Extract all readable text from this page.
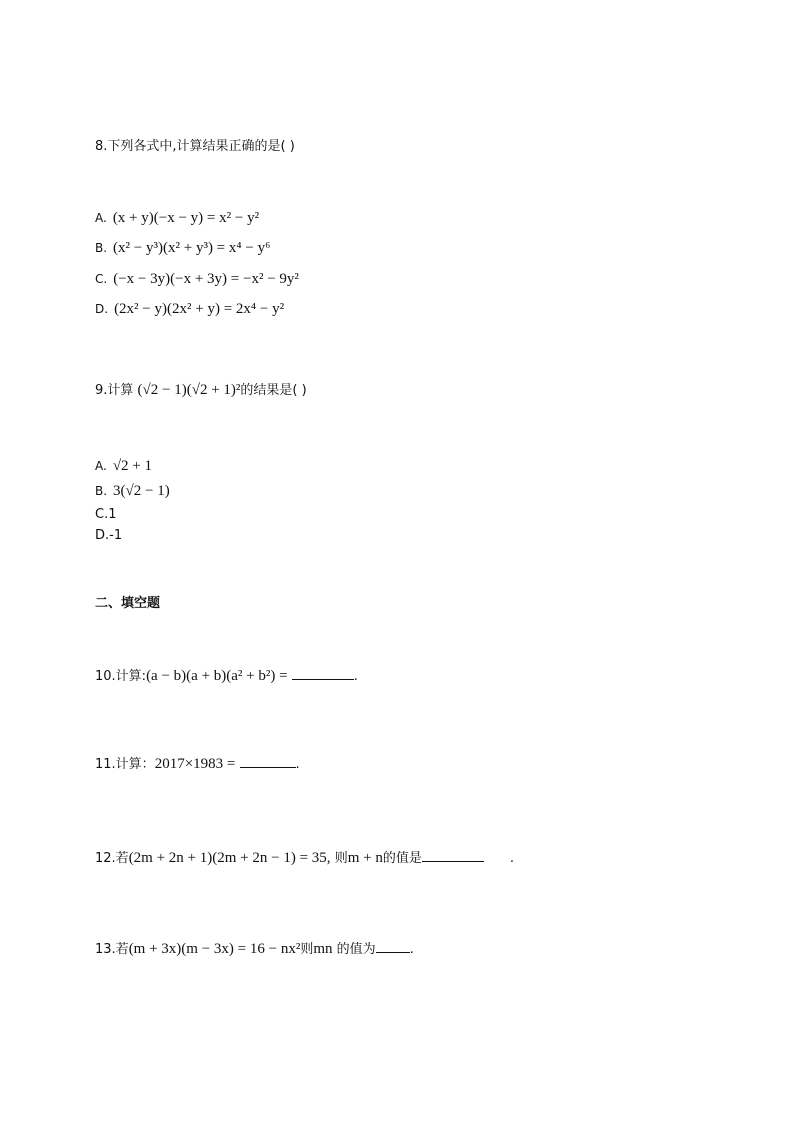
8.下列各式中,计算结果正确的是( )
A. (x + y)(−x − y) = x² − y²
B. (x² − y³)(x² + y³) = x⁴ − y⁶
C. (−x − 3y)(−x + 3y) = −x² − 9y²
D. (2x² − y)(2x² + y) = 2x⁴ − y²
9.计算 (√2 − 1)(√2 + 1)²的结果是( )
A. √2 + 1
B. 3(√2 − 1)
C.1
D.-1
二、填空题
10.计算:(a − b)(a + b)(a² + b²) =	.
11.计算：2017×1983 =	.
12.若(2m + 2n + 1)(2m + 2n − 1) = 35, 则m + n的值是	.
13.若(m + 3x)(m − 3x) = 16 − nx²则mn 的值为	.
